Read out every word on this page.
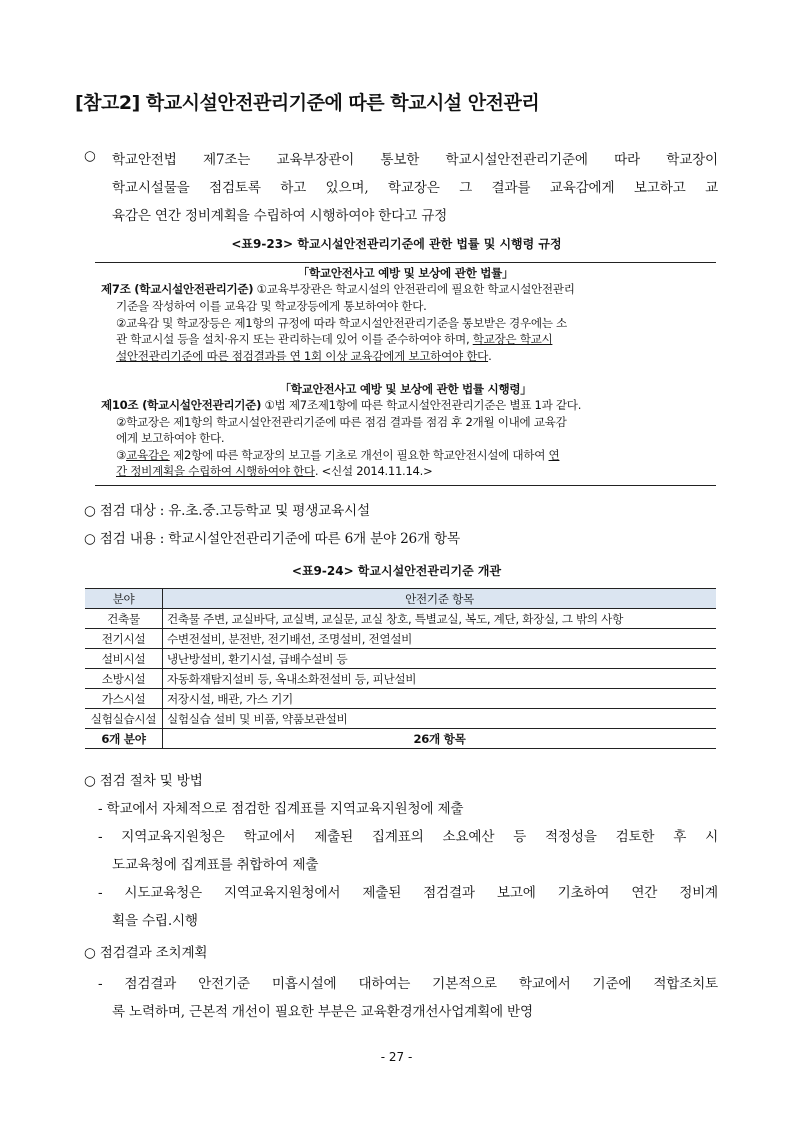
[참고2] 학교시설안전관리기준에 따른 학교시설 안전관리
○ 학교안전법 제7조는 교육부장관이 통보한 학교시설안전관리기준에 따라 학교장이
학교시설물을 점검토록 하고 있으며, 학교장은 그 결과를 교육감에게 보고하고 교
육감은 연간 정비계획을 수립하여 시행하여야 한다고 규정
<표9-23> 학교시설안전관리기준에 관한 법률 및 시행령 규정
「학교안전사고 예방 및 보상에 관한 법률」
제7조 (학교시설안전관리기준) ①교육부장관은 학교시설의 안전관리에 필요한 학교시설안전관리
기준을 작성하여 이를 교육감 및 학교장등에게 통보하여야 한다.
②교육감 및 학교장등은 제1항의 규정에 따라 학교시설안전관리기준을 통보받은 경우에는 소
관 학교시설 등을 설치·유지 또는 관리하는데 있어 이를 준수하여야 하며, 학교장은 학교시
설안전관리기준에 따른 점검결과를 연 1회 이상 교육감에게 보고하여야 한다.
「학교안전사고 예방 및 보상에 관한 법률 시행령」
제10조 (학교시설안전관리기준) ①법 제7조제1항에 따른 학교시설안전관리기준은 별표 1과 같다.
②학교장은 제1항의 학교시설안전관리기준에 따른 점검 결과를 점검 후 2개월 이내에 교육감
에게 보고하여야 한다.
③교육감은 제2항에 따른 학교장의 보고를 기초로 개선이 필요한 학교안전시설에 대하여 연
간 정비계획을 수립하여 시행하여야 한다. <신설 2014.11.14.>
○ 점검 대상 : 유.초.중.고등학교 및 평생교육시설
○ 점검 내용 : 학교시설안전관리기준에 따른 6개 분야 26개 항목
<표9-24> 학교시설안전관리기준 개관
분야	안전기준 항목
건축물	건축물 주변, 교실바닥, 교실벽, 교실문, 교실 창호, 특별교실, 복도, 계단, 화장실, 그 밖의 사항
전기시설	수변전설비, 분전반, 전기배선, 조명설비, 전열설비
설비시설	냉난방설비, 환기시설, 급배수설비 등
소방시설	자동화재탐지설비 등, 옥내소화전설비 등, 피난설비
가스시설	저장시설, 배관, 가스 기기
실험실습시설	실험실습 설비 및 비품, 약품보관설비
6개 분야	26개 항목
○ 점검 절차 및 방법
- 학교에서 자체적으로 점검한 집계표를 지역교육지원청에 제출
- 지역교육지원청은 학교에서 제출된 집계표의 소요예산 등 적정성을 검토한 후 시
도교육청에 집계표를 취합하여 제출
- 시도교육청은 지역교육지원청에서 제출된 점검결과 보고에 기초하여 연간 정비계
획을 수립.시행
○ 점검결과 조치계획
- 점검결과 안전기준 미흡시설에 대하여는 기본적으로 학교에서 기준에 적합조치토
록 노력하며, 근본적 개선이 필요한 부분은 교육환경개선사업계획에 반영
- 27 -
